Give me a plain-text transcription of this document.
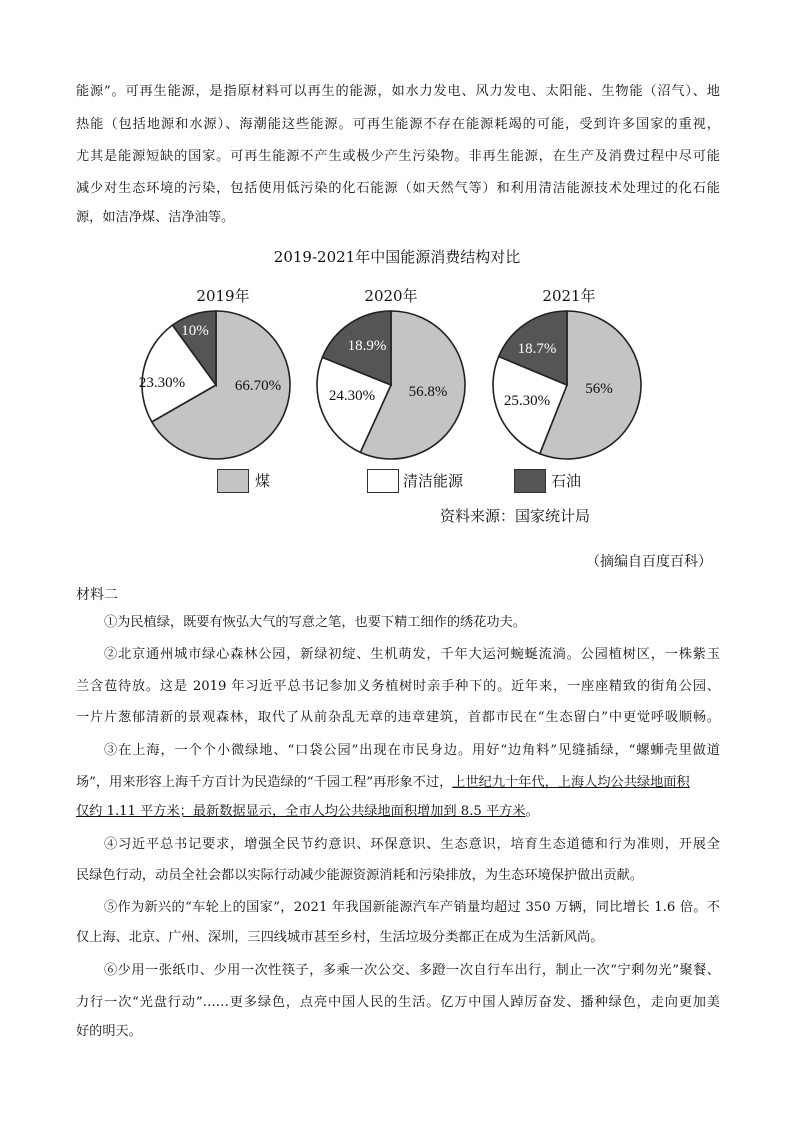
能源”。可再生能源，是指原材料可以再生的能源，如水力发电、风力发电、太阳能、生物能（沼气）、地
热能（包括地源和水源）、海潮能这些能源。可再生能源不存在能源耗竭的可能，受到许多国家的重视，
尤其是能源短缺的国家。可再生能源不产生或极少产生污染物。非再生能源，在生产及消费过程中尽可能
减少对生态环境的污染，包括使用低污染的化石能源（如天然气等）和利用清洁能源技术处理过的化石能
源，如洁净煤、洁净油等。
2019-2021年中国能源消费结构对比
2019年	2020年	2021年
66.70%
23.30%
10%
56.8%
24.30%
18.9%
56%
25.30%
18.7%
煤	清洁能源	石油
资料来源：国家统计局
（摘编自百度百科）
材料二
①为民植绿，既要有恢弘大气的写意之笔，也要下精工细作的绣花功夫。
②北京通州城市绿心森林公园，新绿初绽、生机萌发，千年大运河蜿蜒流淌。公园植树区，一株紫玉
兰含苞待放。这是 2019 年习近平总书记参加义务植树时亲手种下的。近年来，一座座精致的街角公园、
一片片葱郁清新的景观森林，取代了从前杂乱无章的违章建筑，首都市民在“生态留白”中更觉呼吸顺畅。
③在上海，一个个小微绿地、“口袋公园”出现在市民身边。用好“边角料”见缝插绿，“螺蛳壳里做道
场”，用来形容上海千方百计为民造绿的“千园工程”再形象不过，上世纪九十年代，上海人均公共绿地面积
仅约 1.11 平方米；最新数据显示，全市人均公共绿地面积增加到 8.5 平方米。
④习近平总书记要求，增强全民节约意识、环保意识、生态意识，培育生态道德和行为准则，开展全
民绿色行动，动员全社会都以实际行动减少能源资源消耗和污染排放，为生态环境保护做出贡献。
⑤作为新兴的“车轮上的国家”，2021 年我国新能源汽车产销量均超过 350 万辆，同比增长 1.6 倍。不
仅上海、北京、广州、深圳，三四线城市甚至乡村，生活垃圾分类都正在成为生活新风尚。
⑥少用一张纸巾、少用一次性筷子，多乘一次公交、多蹬一次自行车出行，制止一次“宁剩勿光”聚餐、
力行一次“光盘行动”……更多绿色，点亮中国人民的生活。亿万中国人踔厉奋发、播种绿色，走向更加美
好的明天。
